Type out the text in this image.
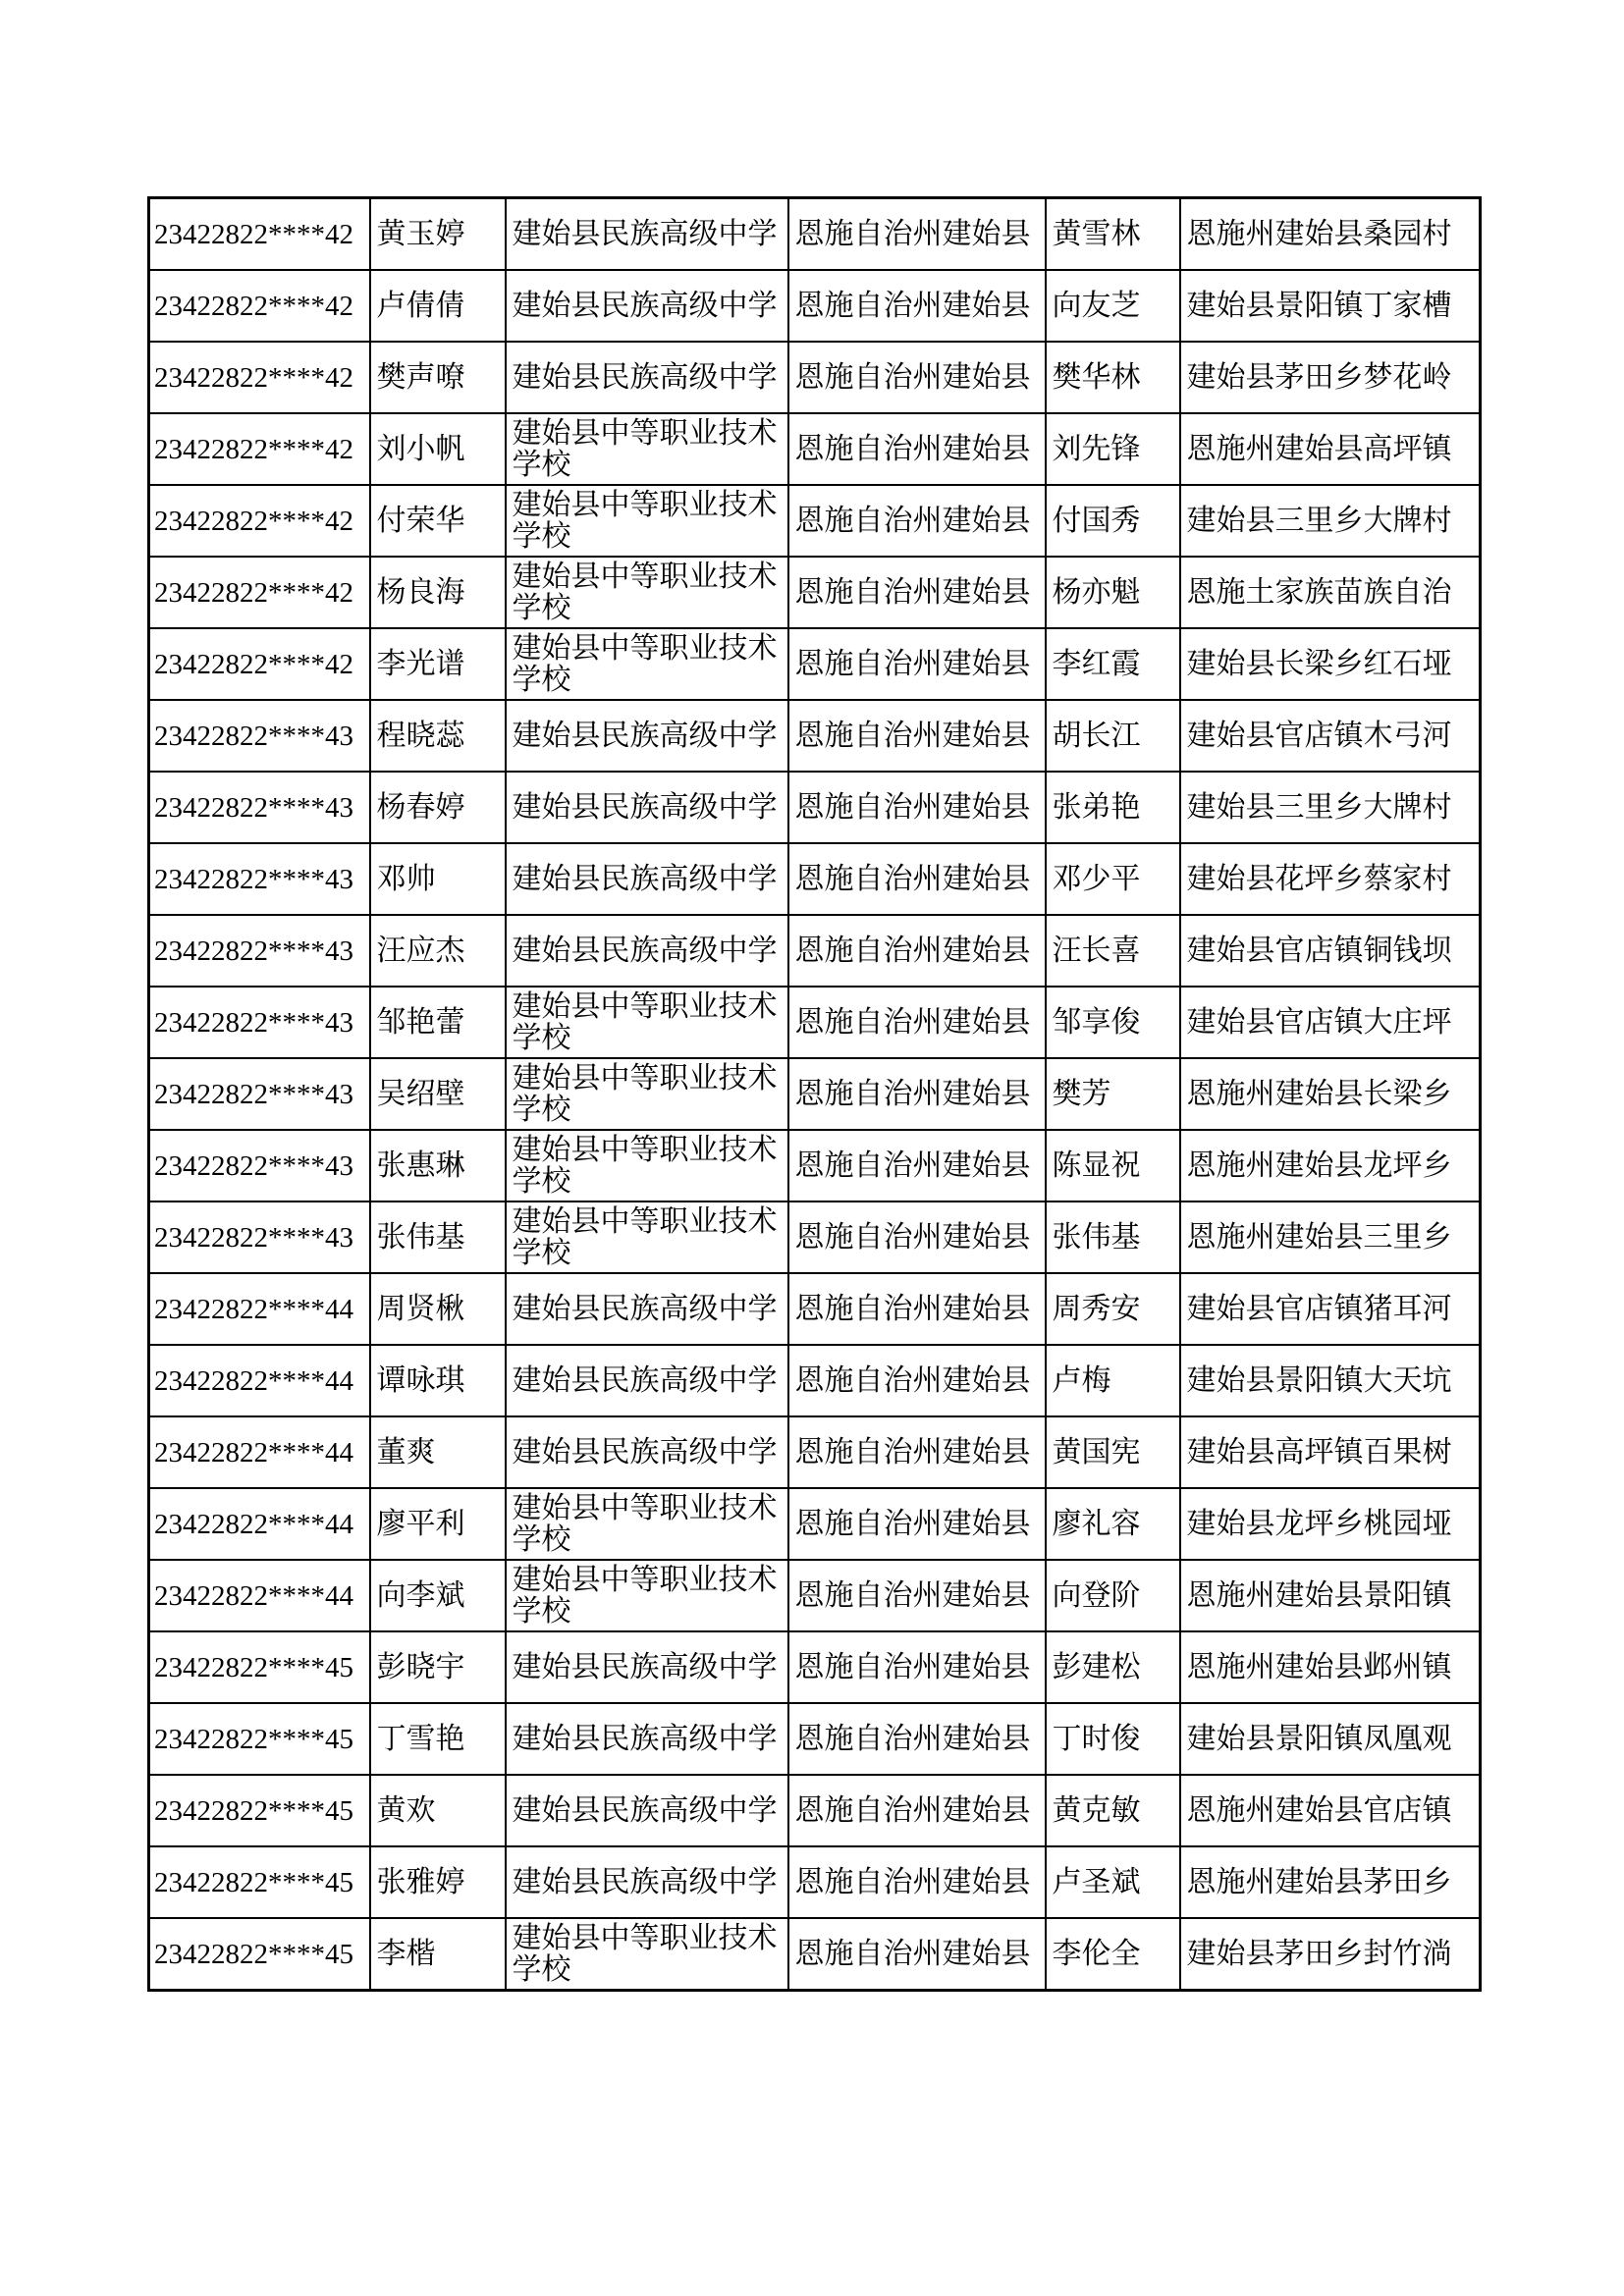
23422822****42	黄玉婷	建始县民族高级中学	恩施自治州建始县	黄雪林	恩施州建始县桑园村
23422822****42	卢倩倩	建始县民族高级中学	恩施自治州建始县	向友芝	建始县景阳镇丁家槽
23422822****42	樊声嘹	建始县民族高级中学	恩施自治州建始县	樊华林	建始县茅田乡梦花岭
23422822****42	刘小帆	建始县中等职业技术学校	恩施自治州建始县	刘先锋	恩施州建始县高坪镇
23422822****42	付荣华	建始县中等职业技术学校	恩施自治州建始县	付国秀	建始县三里乡大牌村
23422822****42	杨良海	建始县中等职业技术学校	恩施自治州建始县	杨亦魁	恩施土家族苗族自治
23422822****42	李光谱	建始县中等职业技术学校	恩施自治州建始县	李红霞	建始县长梁乡红石垭
23422822****43	程晓蕊	建始县民族高级中学	恩施自治州建始县	胡长江	建始县官店镇木弓河
23422822****43	杨春婷	建始县民族高级中学	恩施自治州建始县	张弟艳	建始县三里乡大牌村
23422822****43	邓帅	建始县民族高级中学	恩施自治州建始县	邓少平	建始县花坪乡蔡家村
23422822****43	汪应杰	建始县民族高级中学	恩施自治州建始县	汪长喜	建始县官店镇铜钱坝
23422822****43	邹艳蕾	建始县中等职业技术学校	恩施自治州建始县	邹享俊	建始县官店镇大庄坪
23422822****43	吴绍壁	建始县中等职业技术学校	恩施自治州建始县	樊芳	恩施州建始县长梁乡
23422822****43	张惠琳	建始县中等职业技术学校	恩施自治州建始县	陈显祝	恩施州建始县龙坪乡
23422822****43	张伟基	建始县中等职业技术学校	恩施自治州建始县	张伟基	恩施州建始县三里乡
23422822****44	周贤楸	建始县民族高级中学	恩施自治州建始县	周秀安	建始县官店镇猪耳河
23422822****44	谭咏琪	建始县民族高级中学	恩施自治州建始县	卢梅	建始县景阳镇大天坑
23422822****44	董爽	建始县民族高级中学	恩施自治州建始县	黄国宪	建始县高坪镇百果树
23422822****44	廖平利	建始县中等职业技术学校	恩施自治州建始县	廖礼容	建始县龙坪乡桃园垭
23422822****44	向李斌	建始县中等职业技术学校	恩施自治州建始县	向登阶	恩施州建始县景阳镇
23422822****45	彭晓宇	建始县民族高级中学	恩施自治州建始县	彭建松	恩施州建始县邺州镇
23422822****45	丁雪艳	建始县民族高级中学	恩施自治州建始县	丁时俊	建始县景阳镇凤凰观
23422822****45	黄欢	建始县民族高级中学	恩施自治州建始县	黄克敏	恩施州建始县官店镇
23422822****45	张雅婷	建始县民族高级中学	恩施自治州建始县	卢圣斌	恩施州建始县茅田乡
23422822****45	李楷	建始县中等职业技术学校	恩施自治州建始县	李伦全	建始县茅田乡封竹淌
